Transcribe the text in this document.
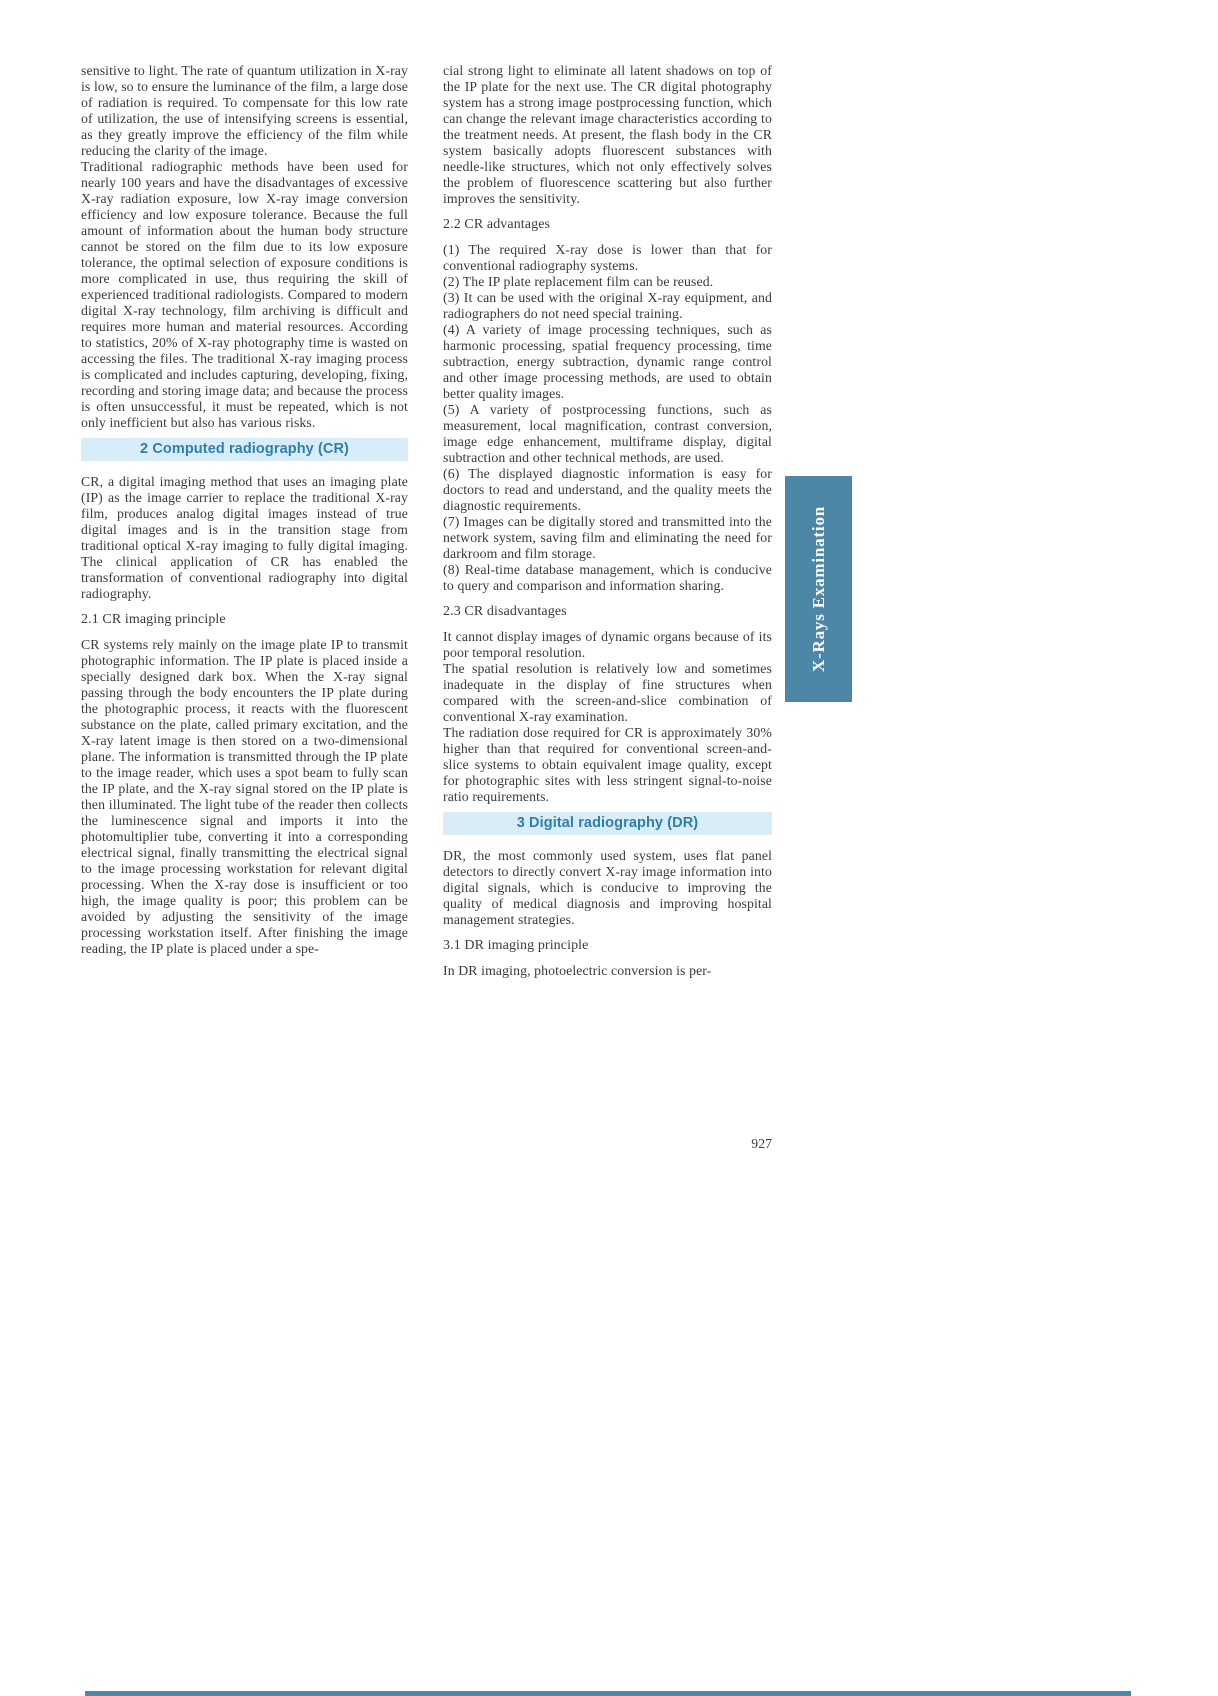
sensitive to light. The rate of quantum utilization in X-ray is low, so to ensure the luminance of the film, a large dose of radiation is required. To compensate for this low rate of utilization, the use of intensifying screens is essential, as they greatly improve the efficiency of the film while reducing the clarity of the image.

Traditional radiographic methods have been used for nearly 100 years and have the disadvantages of excessive X-ray radiation exposure, low X-ray image conversion efficiency and low exposure tolerance. Because the full amount of information about the human body structure cannot be stored on the film due to its low exposure tolerance, the optimal selection of exposure conditions is more complicated in use, thus requiring the skill of experienced traditional radiologists. Compared to modern digital X-ray technology, film archiving is difficult and requires more human and material resources. According to statistics, 20% of X-ray photography time is wasted on accessing the files. The traditional X-ray imaging process is complicated and includes capturing, developing, fixing, recording and storing image data; and because the process is often unsuccessful, it must be repeated, which is not only inefficient but also has various risks.

2 Computed radiography (CR)

CR, a digital imaging method that uses an imaging plate (IP) as the image carrier to replace the traditional X-ray film, produces analog digital images instead of true digital images and is in the transition stage from traditional optical X-ray imaging to fully digital imaging. The clinical application of CR has enabled the transformation of conventional radiography into digital radiography.

2.1 CR imaging principle

CR systems rely mainly on the image plate IP to transmit photographic information. The IP plate is placed inside a specially designed dark box. When the X-ray signal passing through the body encounters the IP plate during the photographic process, it reacts with the fluorescent substance on the plate, called primary excitation, and the X-ray latent image is then stored on a two-dimensional plane. The information is transmitted through the IP plate to the image reader, which uses a spot beam to fully scan the IP plate, and the X-ray signal stored on the IP plate is then illuminated. The light tube of the reader then collects the luminescence signal and imports it into the photomultiplier tube, converting it into a corresponding electrical signal, finally transmitting the electrical signal to the image processing workstation for relevant digital processing. When the X-ray dose is insufficient or too high, the image quality is poor; this problem can be avoided by adjusting the sensitivity of the image processing workstation itself. After finishing the image reading, the IP plate is placed under a spe-

cial strong light to eliminate all latent shadows on top of the IP plate for the next use. The CR digital photography system has a strong image postprocessing function, which can change the relevant image characteristics according to the treatment needs. At present, the flash body in the CR system basically adopts fluorescent substances with needle-like structures, which not only effectively solves the problem of fluorescence scattering but also further improves the sensitivity.

2.2 CR advantages

(1) The required X-ray dose is lower than that for conventional radiography systems.

(2) The IP plate replacement film can be reused.

(3) It can be used with the original X-ray equipment, and radiographers do not need special training.

(4) A variety of image processing techniques, such as harmonic processing, spatial frequency processing, time subtraction, energy subtraction, dynamic range control and other image processing methods, are used to obtain better quality images.

(5) A variety of postprocessing functions, such as measurement, local magnification, contrast conversion, image edge enhancement, multiframe display, digital subtraction and other technical methods, are used.

(6) The displayed diagnostic information is easy for doctors to read and understand, and the quality meets the diagnostic requirements.

(7) Images can be digitally stored and transmitted into the network system, saving film and eliminating the need for darkroom and film storage.

(8) Real-time database management, which is conducive to query and comparison and information sharing.

2.3 CR disadvantages

It cannot display images of dynamic organs because of its poor temporal resolution.

The spatial resolution is relatively low and sometimes inadequate in the display of fine structures when compared with the screen-and-slice combination of conventional X-ray examination.

The radiation dose required for CR is approximately 30% higher than that required for conventional screen-and-slice systems to obtain equivalent image quality, except for photographic sites with less stringent signal-to-noise ratio requirements.

3 Digital radiography (DR)

DR, the most commonly used system, uses flat panel detectors to directly convert X-ray image information into digital signals, which is conducive to improving the quality of medical diagnosis and improving hospital management strategies.

3.1 DR imaging principle

In DR imaging, photoelectric conversion is per-

X-Rays Examination
927
